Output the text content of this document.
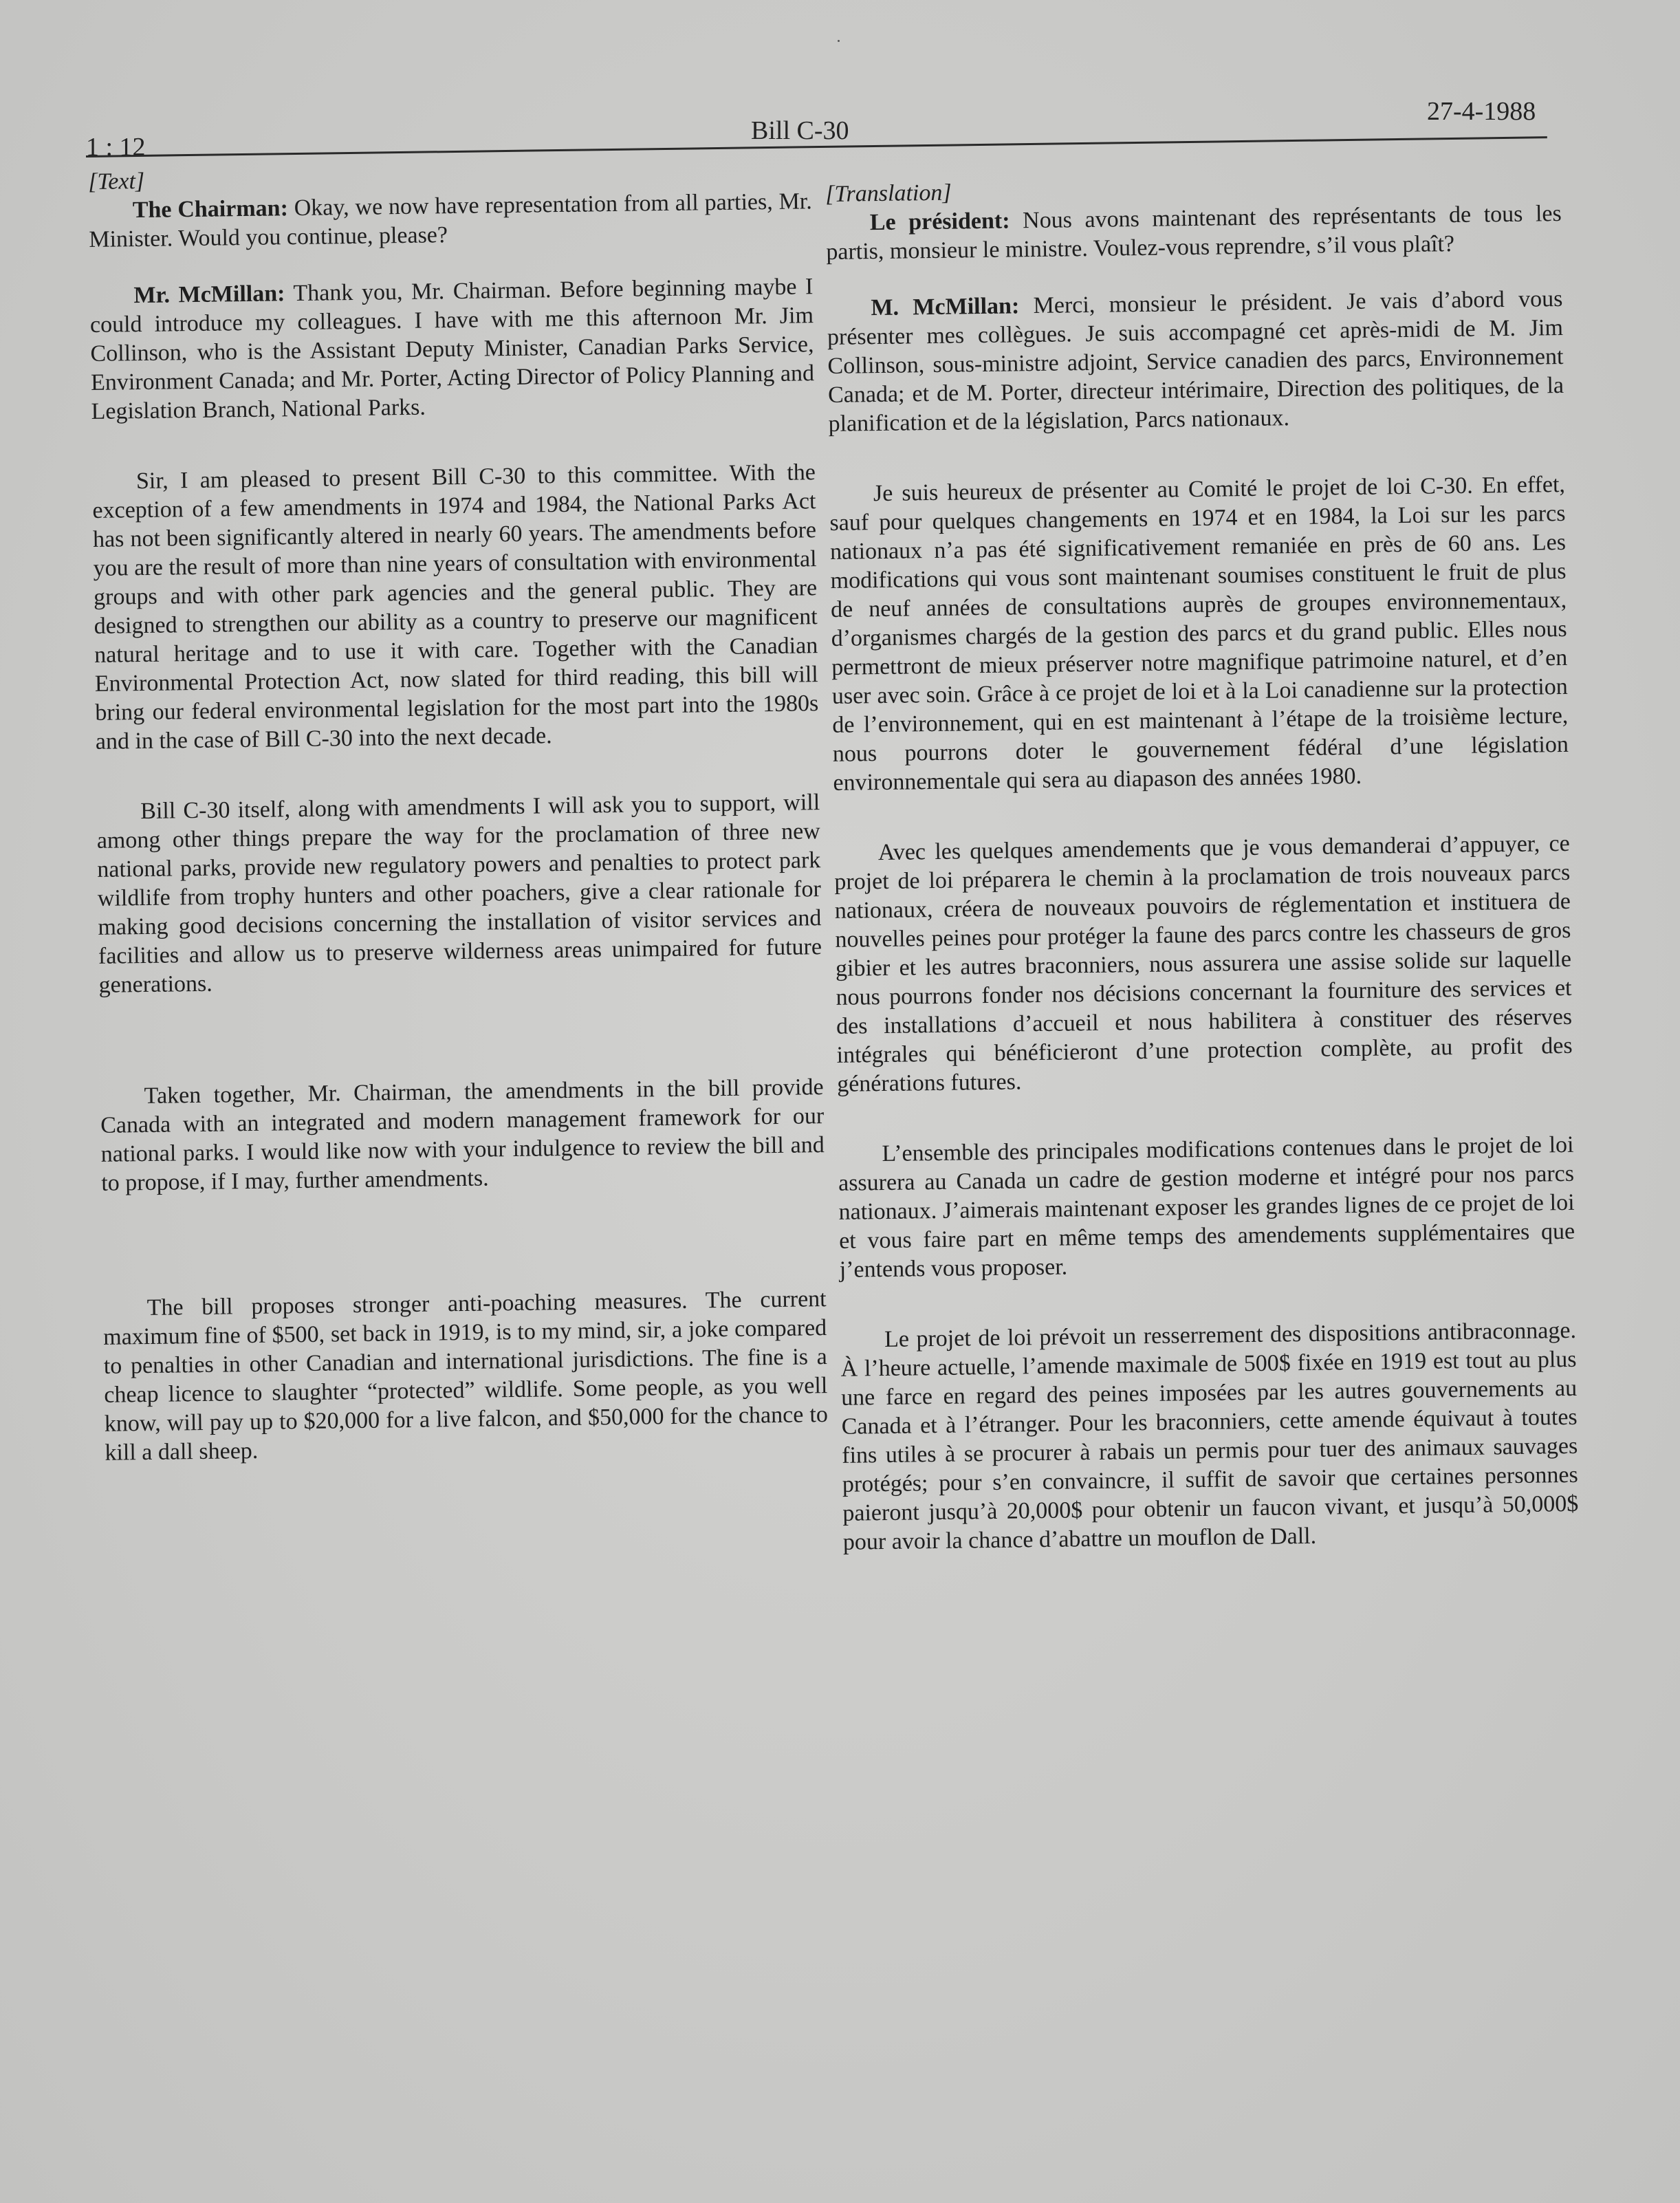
1 : 12
Bill C-30
27-4-1988

[Text]

The Chairman: Okay, we now have representation from all parties, Mr. Minister. Would you continue, please?

Mr. McMillan: Thank you, Mr. Chairman. Before beginning maybe I could introduce my colleagues. I have with me this afternoon Mr. Jim Collinson, who is the Assistant Deputy Minister, Canadian Parks Service, Environment Canada; and Mr. Porter, Acting Director of Policy Planning and Legislation Branch, National Parks.

Sir, I am pleased to present Bill C-30 to this committee. With the exception of a few amendments in 1974 and 1984, the National Parks Act has not been significantly altered in nearly 60 years. The amendments before you are the result of more than nine years of consultation with environmental groups and with other park agencies and the general public. They are designed to strengthen our ability as a country to preserve our magnificent natural heritage and to use it with care. Together with the Canadian Environmental Protection Act, now slated for third reading, this bill will bring our federal environmental legislation for the most part into the 1980s and in the case of Bill C-30 into the next decade.

Bill C-30 itself, along with amendments I will ask you to support, will among other things prepare the way for the proclamation of three new national parks, provide new regulatory powers and penalties to protect park wildlife from trophy hunters and other poachers, give a clear rationale for making good decisions concerning the installation of visitor services and facilities and allow us to preserve wilderness areas unimpaired for future generations.

Taken together, Mr. Chairman, the amendments in the bill provide Canada with an integrated and modern management framework for our national parks. I would like now with your indulgence to review the bill and to propose, if I may, further amendments.

The bill proposes stronger anti-poaching measures. The current maximum fine of $500, set back in 1919, is to my mind, sir, a joke compared to penalties in other Canadian and international jurisdictions. The fine is a cheap licence to slaughter “protected” wildlife. Some people, as you well know, will pay up to $20,000 for a live falcon, and $50,000 for the chance to kill a dall sheep.

[Translation]

Le président: Nous avons maintenant des représentants de tous les partis, monsieur le ministre. Voulez-vous reprendre, s’il vous plaît?

M. McMillan: Merci, monsieur le président. Je vais d’abord vous présenter mes collègues. Je suis accompagné cet après-midi de M. Jim Collinson, sous-ministre adjoint, Service canadien des parcs, Environnement Canada; et de M. Porter, directeur intérimaire, Direction des politiques, de la planification et de la législation, Parcs nationaux.

Je suis heureux de présenter au Comité le projet de loi C-30. En effet, sauf pour quelques changements en 1974 et en 1984, la Loi sur les parcs nationaux n’a pas été significativement remaniée en près de 60 ans. Les modifications qui vous sont maintenant soumises constituent le fruit de plus de neuf années de consultations auprès de groupes environnementaux, d’organismes chargés de la gestion des parcs et du grand public. Elles nous permettront de mieux préserver notre magnifique patrimoine naturel, et d’en user avec soin. Grâce à ce projet de loi et à la Loi canadienne sur la protection de l’environnement, qui en est maintenant à l’étape de la troisième lecture, nous pourrons doter le gouvernement fédéral d’une législation environnementale qui sera au diapason des années 1980.

Avec les quelques amendements que je vous demanderai d’appuyer, ce projet de loi préparera le chemin à la proclamation de trois nouveaux parcs nationaux, créera de nouveaux pouvoirs de réglementation et instituera de nouvelles peines pour protéger la faune des parcs contre les chasseurs de gros gibier et les autres braconniers, nous assurera une assise solide sur laquelle nous pourrons fonder nos décisions concernant la fourniture des services et des installations d’accueil et nous habilitera à constituer des réserves intégrales qui bénéficieront d’une protection complète, au profit des générations futures.

L’ensemble des principales modifications contenues dans le projet de loi assurera au Canada un cadre de gestion moderne et intégré pour nos parcs nationaux. J’aimerais maintenant exposer les grandes lignes de ce projet de loi et vous faire part en même temps des amendements supplémentaires que j’entends vous proposer.

Le projet de loi prévoit un resserrement des dispositions antibraconnage. À l’heure actuelle, l’amende maximale de 500$ fixée en 1919 est tout au plus une farce en regard des peines imposées par les autres gouvernements au Canada et à l’étranger. Pour les braconniers, cette amende équivaut à toutes fins utiles à se procurer à rabais un permis pour tuer des animaux sauvages protégés; pour s’en convaincre, il suffit de savoir que certaines personnes paieront jusqu’à 20,000$ pour obtenir un faucon vivant, et jusqu’à 50,000$ pour avoir la chance d’abattre un mouflon de Dall.
